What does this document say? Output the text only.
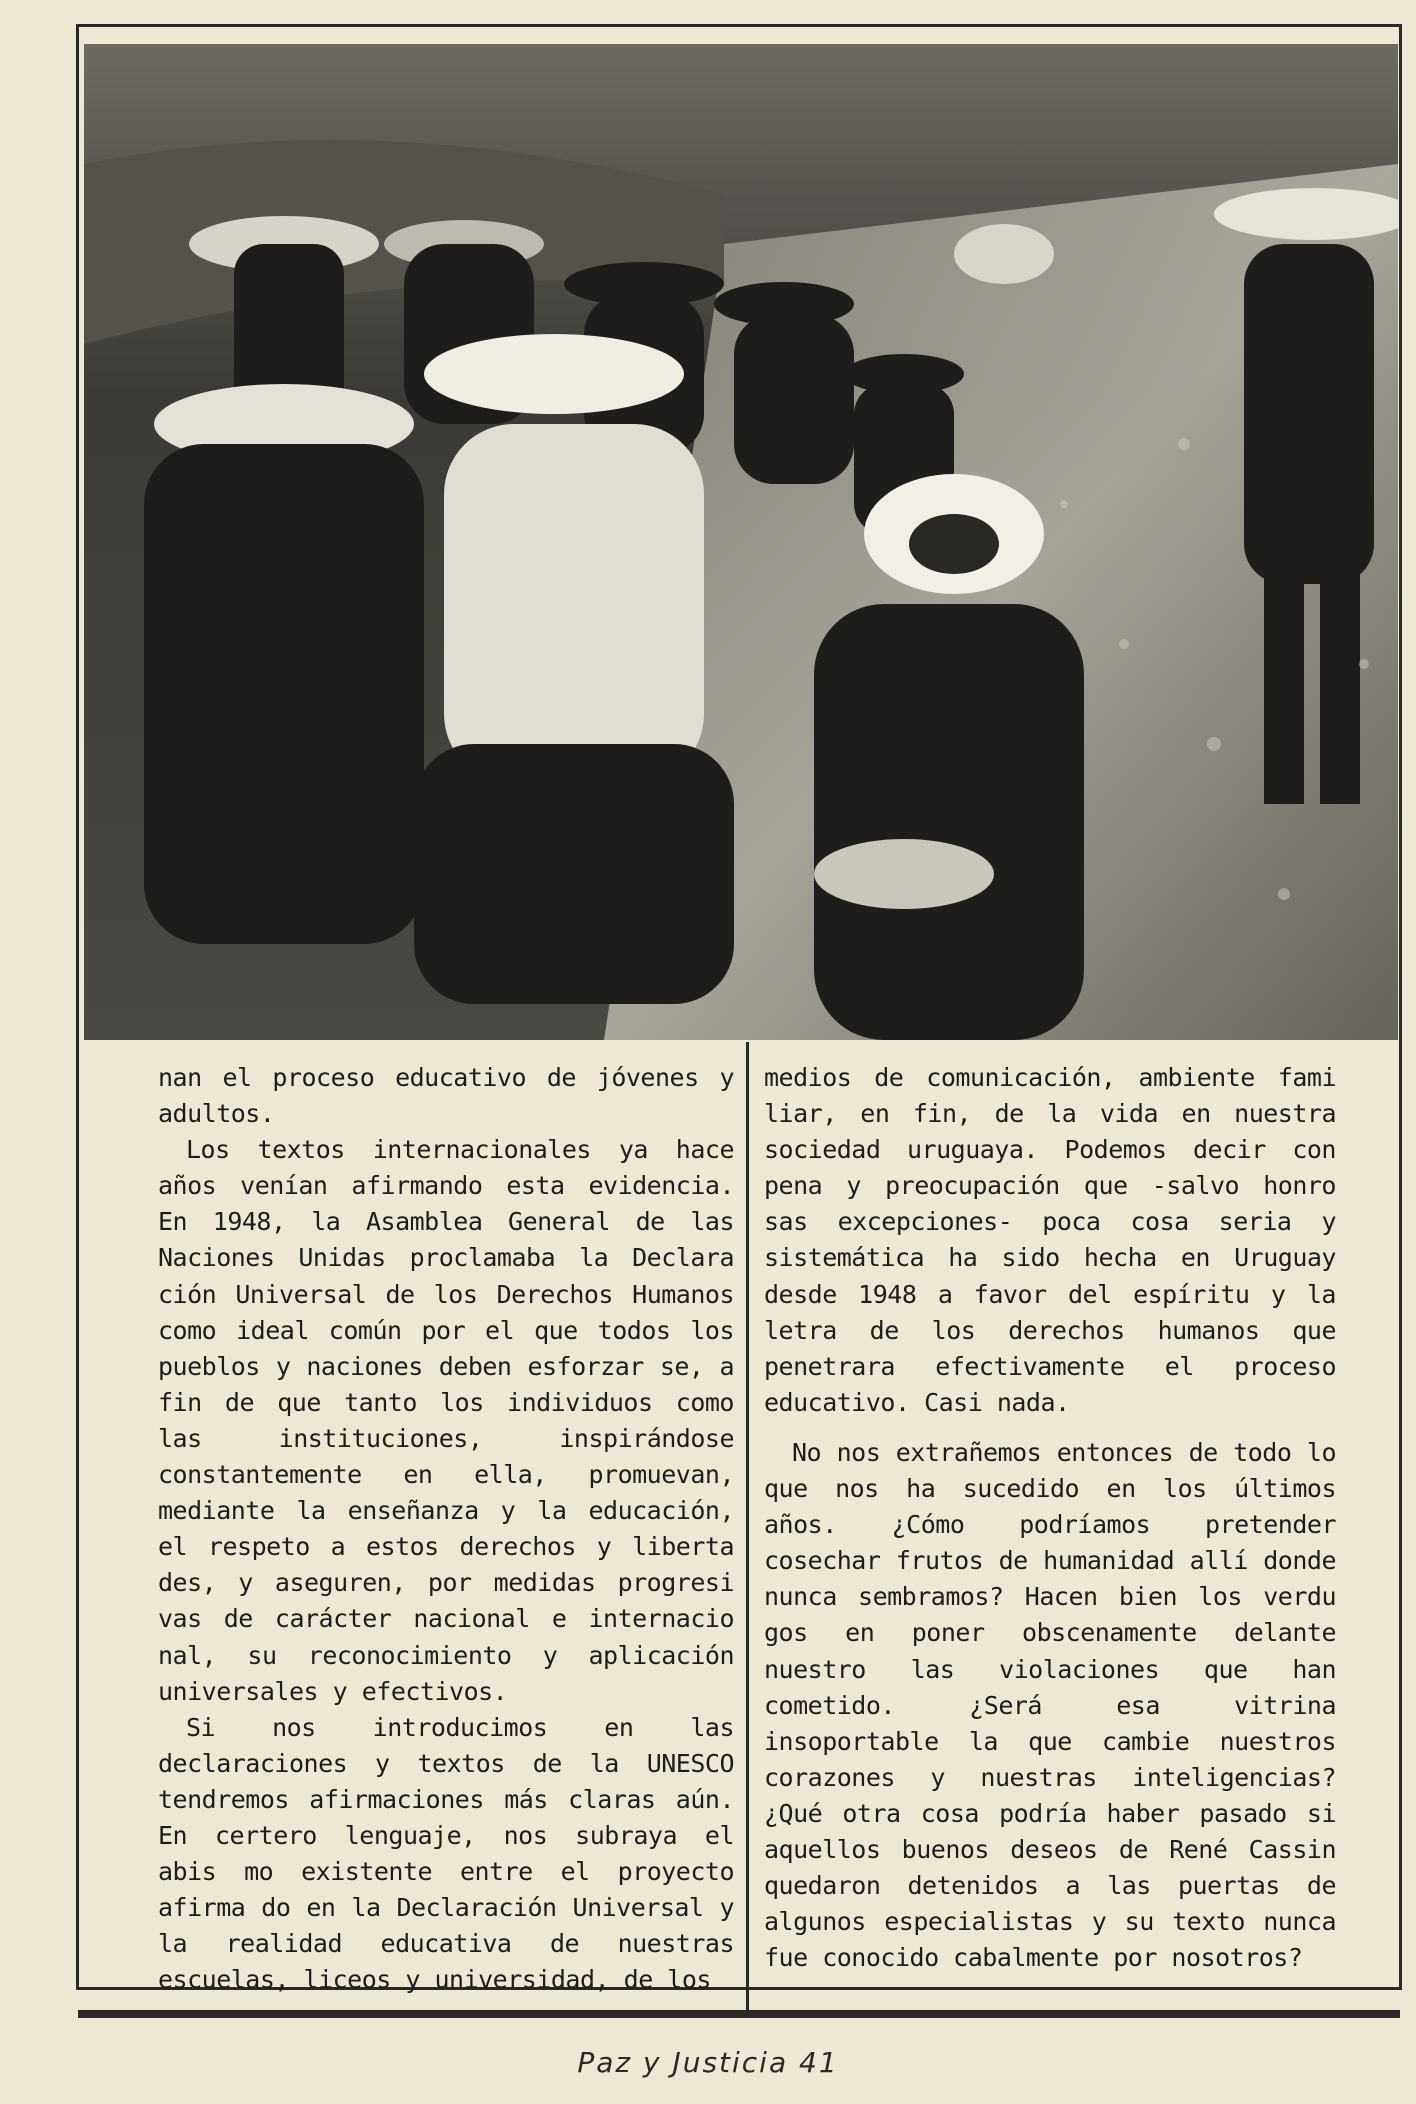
nan el proceso educativo de jóvenes y adultos.

Los textos internacionales ya hace años venían afirmando esta evidencia. En 1948, la Asamblea General de las Naciones Unidas proclamaba la Declara ción Universal de los Derechos Humanos como ideal común por el que todos los pueblos y naciones deben esforzar se, a fin de que tanto los individuos como las instituciones, inspirándose constantemente en ella, promuevan, mediante la enseñanza y la educación, el respeto a estos derechos y liberta des, y aseguren, por medidas progresi vas de carácter nacional e internacio nal, su reconocimiento y aplicación universales y efectivos.

Si nos introducimos en las declaraciones y textos de la UNESCO tendremos afirmaciones más claras aún. En certero lenguaje, nos subraya el abis mo existente entre el proyecto afirma do en la Declaración Universal y la realidad educativa de nuestras escuelas, liceos y universidad, de los

medios de comunicación, ambiente fami liar, en fin, de la vida en nuestra sociedad uruguaya. Podemos decir con pena y preocupación que -salvo honro sas excepciones- poca cosa seria y sistemática ha sido hecha en Uruguay desde 1948 a favor del espíritu y la letra de los derechos humanos que penetrara efectivamente el proceso educativo. Casi nada.

No nos extrañemos entonces de todo lo que nos ha sucedido en los últimos años. ¿Cómo podríamos pretender cosechar frutos de humanidad allí donde nunca sembramos? Hacen bien los verdu gos en poner obscenamente delante nuestro las violaciones que han cometido. ¿Será esa vitrina insoportable la que cambie nuestros corazones y nuestras inteligencias? ¿Qué otra cosa podría haber pasado si aquellos buenos deseos de René Cassin quedaron detenidos a las puertas de algunos especialistas y su texto nunca fue conocido cabalmente por nosotros?

Paz y Justicia 41
